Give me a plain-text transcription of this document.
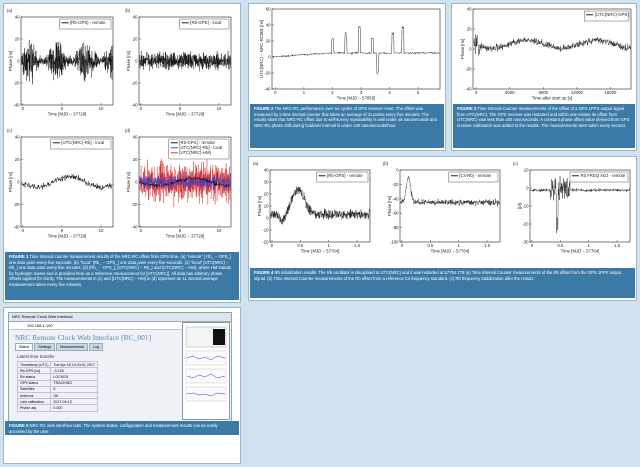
(a)
40
20
0
-20
-40
0	5	10
Time [MJD − 37729]
Phase [ns]
[Rb-GPS] - remote
(b)
40
20
0
-20
-40
0	5	10
Time [MJD − 37729]
Phase [ns]
[Rb-GPS] - local
(c)
40
20
0
-20
-40
0	5	10
Time [MJD − 37729]
Phase [ns]
[UTC(NRC)-Rb] - local
(d)
40
20
0
-20
-40
0	5	10
Time [MJD − 37729]
Phase [ns]
[Rb-GPS] - remote
[UTC(NRC)-Rb] - local
[UTC(NRC)-HM]
FIGURE 1 Time Interval counter measurement results of the NRC-RC offset from GPS time. (a) "remote" [ Rb_ − GPS_] one data point every five seconds. (b) "local" [Rb_ − GPS_] one data point every five seconds. (c) "local" [UTC(NRC) − Rb_] one data point every five minutes. (d) [Rb_ − GPS_], [UTC(NRC) − Rb_] and [UTC(NRC) − HM], where HM stands for hydrogen maser and is provided here as a reference measurement for [UTC(NRC)]. All data has arbitrary phase offsets applied for clarity. The measurements in (c) and [UTC(NRC) − HM] in (d) represent an 11 second average measurement taken every five minutes.
NRC Remote Clock Web Interface
192.168.1.100
NRC Remote Clock Web Interface [RC_001]
Status	Settings	Measurements	Log
Latest time transfer
Timestamp (UTC)	Tue Apr 18 14:23:01 2017
Rb-GPS [ns]	-3.125
Rb status	LOCKED
GPS status	TRACKING
Satellites	9
Antenna	OK
Last calibration	2017-04-13
Phase adj.	0.000
FIGURE 5 NRC-RC web interface tabs. The system status, configuration and measurement results can be easily accessed by the user.
60
40
20
0
-20
-40
0	1	2	3	4	5
Time [MJD − 57856]
UTC(NRC) − NRC-RC001 [ns]
FIGURE 2 The NRC-RC performance over six cycles of GPS receiver reset. The offset was measured by a time interval counter that takes an average of 11 points every five minutes. The results show that NRC-RC offset due to self-survey repeatability is well under ±5 nanoseconds and NRC-RC phase drift during holdover interval is under ±30 nanoseconds/hour.
40
20
0
-20
-40
0	4000	8000	12000	16000
Time after start up [s]
Phase [ns]
[UTC(NRC)-GPS]
FIGURE 3 Time Interval Counter measurements of the offset of a GPS 1PPS output signal from UTC(NRC). The GPS receiver was restarted and within one minute its offset from UTC(NRC) was less than ±50 nanoseconds. A constant phase offset value derived from GPS receiver calibration was added to the results. The measurements were taken every second.
(a)
40
30
20
10
0
-10
-20
0	0.5	1	1.5
Time [MJD − 57764]
Phase [ns]
[Rb-GPS] - remote
(b)
0
-20
-40
-60
-80
-100
0	0.5	1	1.5
Time [MJD − 57764]
Phase [ns]
[Cs-Rb] - remote
(c)
10
0
-10
-20
-30
0	0.5	1	1.5
Time [MJD − 57764]
[pt]
Rb FREQ ADJ - remote
FIGURE 4 Rb initialization results. The Rb oscillator is disciplined to UTC(NRC) and it was restarted at 57764.778 (a) Time Interval Counter measurements of the Rb offset from the GPS 1PPS output signal. (b) Time Interval Counter measurements of the Rb offset from a reference Cs frequency standard. (c) Rb frequency stabilization after the restart.
